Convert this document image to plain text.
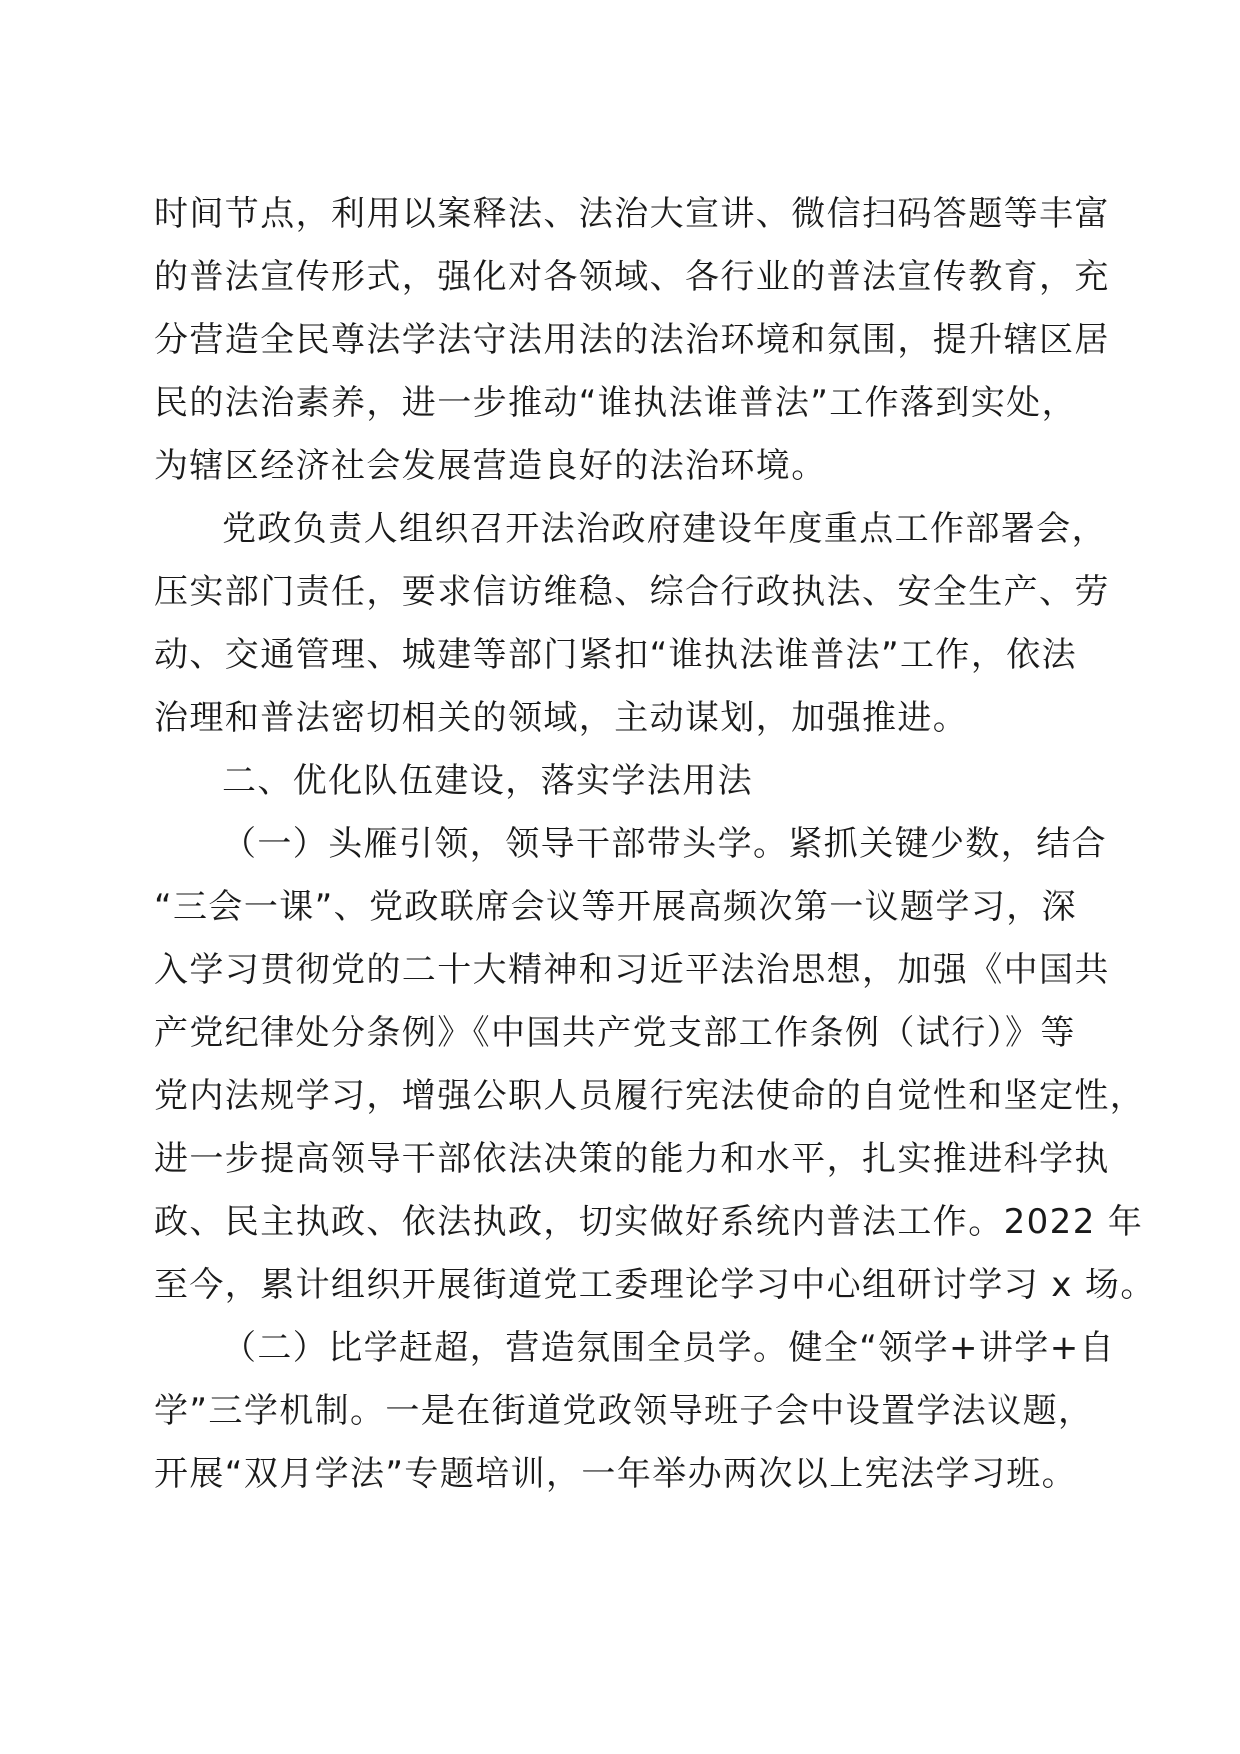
时间节点，利用以案释法、法治大宣讲、微信扫码答题等丰富
的普法宣传形式，强化对各领域、各行业的普法宣传教育，充
分营造全民尊法学法守法用法的法治环境和氛围，提升辖区居
民的法治素养，进一步推动“谁执法谁普法”工作落到实处，
为辖区经济社会发展营造良好的法治环境。
党政负责人组织召开法治政府建设年度重点工作部署会，
压实部门责任，要求信访维稳、综合行政执法、安全生产、劳
动、交通管理、城建等部门紧扣“谁执法谁普法”工作，依法
治理和普法密切相关的领域，主动谋划，加强推进。
二、优化队伍建设，落实学法用法
（一）头雁引领，领导干部带头学。紧抓关键少数，结合
“三会一课”、党政联席会议等开展高频次第一议题学习，深
入学习贯彻党的二十大精神和习近平法治思想，加强《中国共
产党纪律处分条例》《中国共产党支部工作条例（试行）》等
党内法规学习，增强公职人员履行宪法使命的自觉性和坚定性，
进一步提高领导干部依法决策的能力和水平，扎实推进科学执
政、民主执政、依法执政，切实做好系统内普法工作。2022 年
至今，累计组织开展街道党工委理论学习中心组研讨学习 x 场。
（二）比学赶超，营造氛围全员学。健全“领学+讲学+自
学”三学机制。一是在街道党政领导班子会中设置学法议题，
开展“双月学法”专题培训，一年举办两次以上宪法学习班。
